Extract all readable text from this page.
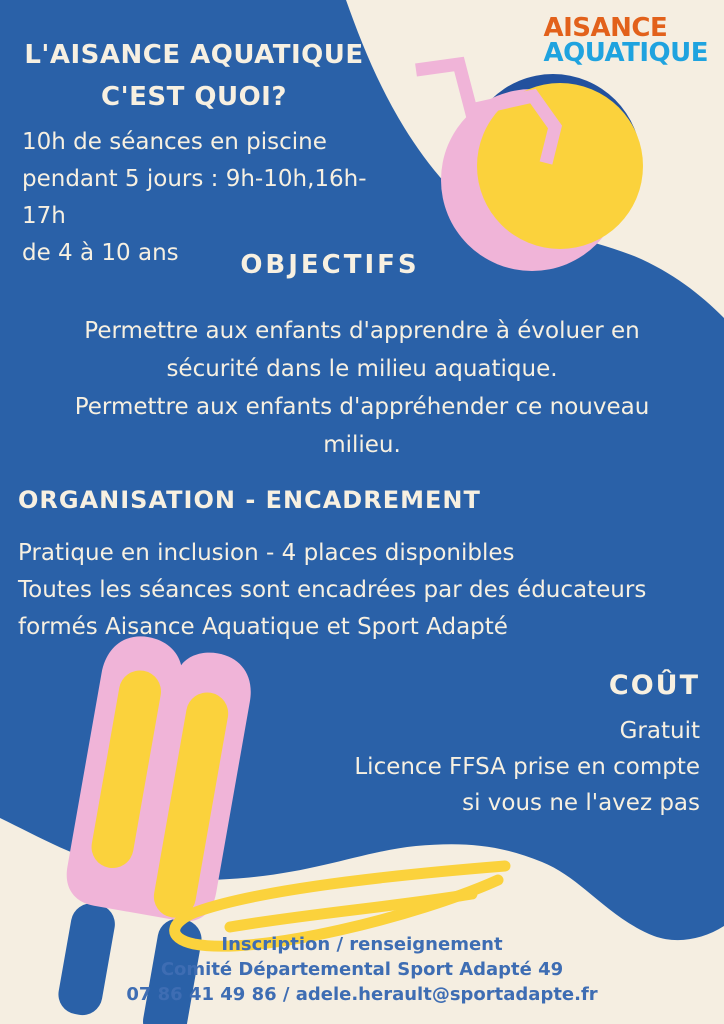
AISANCE
AQUATIQUE
L'AISANCE AQUATIQUE
C'EST QUOI?
10h de séances en piscine
pendant 5 jours : 9h-10h,16h-17h
de 4 à 10 ans	OBJECTIFS
Permettre aux enfants d'apprendre à évoluer en
sécurité dans le milieu aquatique.
Permettre aux enfants d'appréhender ce nouveau
milieu.
ORGANISATION - ENCADREMENT
Pratique en inclusion - 4 places disponibles
Toutes les séances sont encadrées par des éducateurs
formés Aisance Aquatique et Sport Adapté
COÛT
Gratuit
Licence FFSA prise en compte
si vous ne l'avez pas
Inscription / renseignement
Comité Départemental Sport Adapté 49
07 86 41 49 86 / adele.herault@sportadapte.fr
